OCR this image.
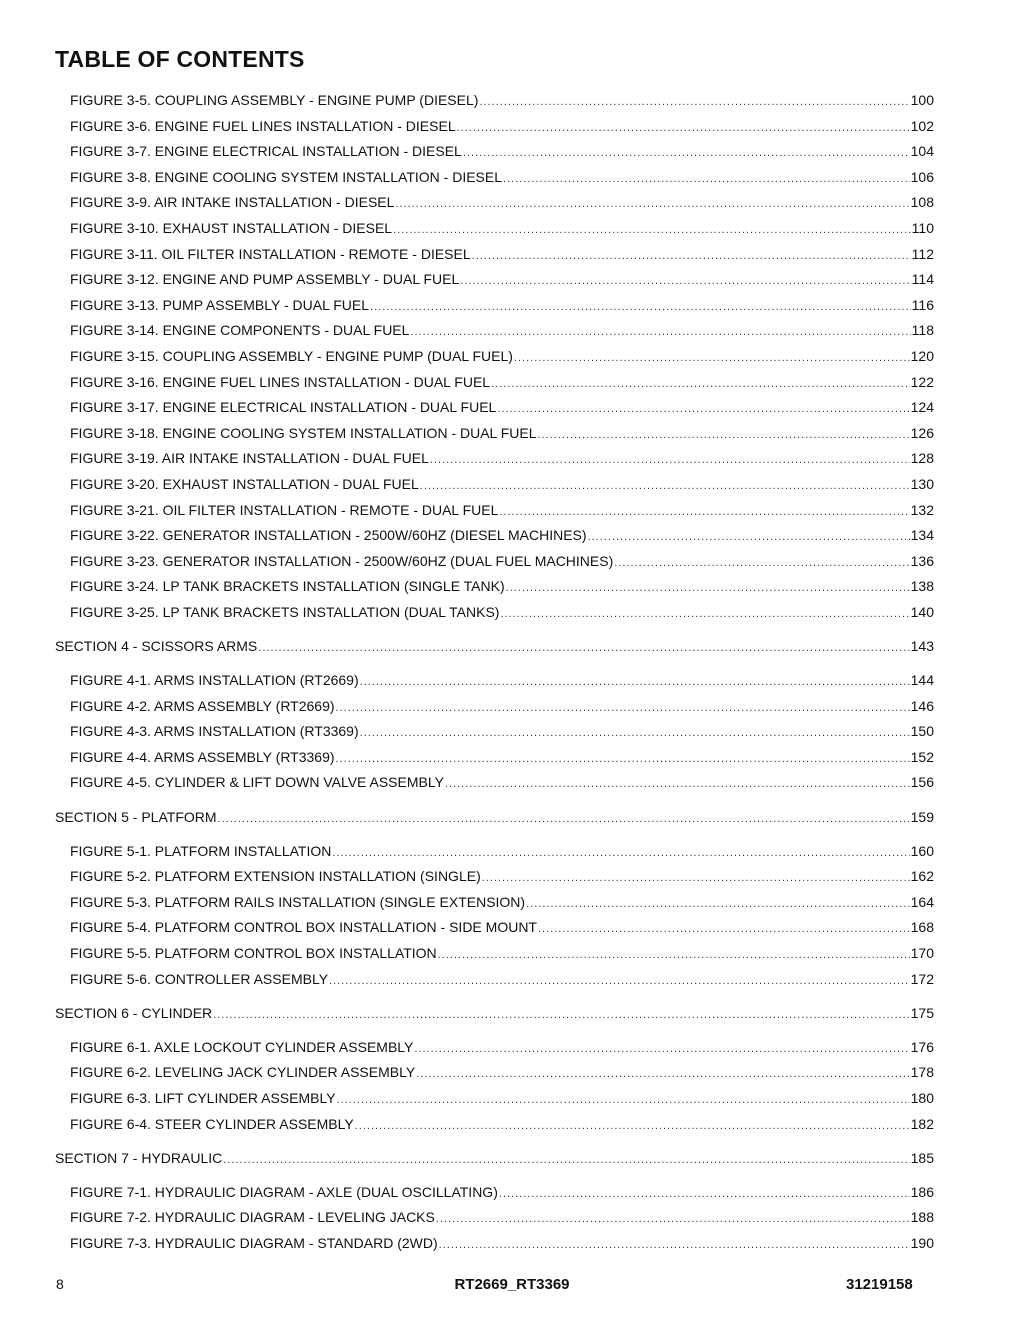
TABLE OF CONTENTS
FIGURE 3-5. COUPLING ASSEMBLY - ENGINE PUMP (DIESEL) .....	100
FIGURE 3-6. ENGINE FUEL LINES INSTALLATION - DIESEL .....	102
FIGURE 3-7. ENGINE ELECTRICAL INSTALLATION - DIESEL .....	104
FIGURE 3-8. ENGINE COOLING SYSTEM INSTALLATION - DIESEL .....	106
FIGURE 3-9. AIR INTAKE INSTALLATION - DIESEL .....	108
FIGURE 3-10. EXHAUST INSTALLATION - DIESEL .....	110
FIGURE 3-11. OIL FILTER INSTALLATION - REMOTE - DIESEL .....	112
FIGURE 3-12. ENGINE AND PUMP ASSEMBLY - DUAL FUEL .....	114
FIGURE 3-13. PUMP ASSEMBLY - DUAL FUEL .....	116
FIGURE 3-14. ENGINE COMPONENTS - DUAL FUEL .....	118
FIGURE 3-15. COUPLING ASSEMBLY - ENGINE PUMP (DUAL FUEL) .....	120
FIGURE 3-16. ENGINE FUEL LINES INSTALLATION - DUAL FUEL .....	122
FIGURE 3-17. ENGINE ELECTRICAL INSTALLATION - DUAL FUEL .....	124
FIGURE 3-18. ENGINE COOLING SYSTEM INSTALLATION - DUAL FUEL .....	126
FIGURE 3-19. AIR INTAKE INSTALLATION - DUAL FUEL .....	128
FIGURE 3-20. EXHAUST INSTALLATION - DUAL FUEL .....	130
FIGURE 3-21. OIL FILTER INSTALLATION - REMOTE - DUAL FUEL .....	132
FIGURE 3-22. GENERATOR INSTALLATION - 2500W/60HZ (DIESEL MACHINES) .....	134
FIGURE 3-23. GENERATOR INSTALLATION - 2500W/60HZ (DUAL FUEL MACHINES) .....	136
FIGURE 3-24. LP TANK BRACKETS INSTALLATION (SINGLE TANK) .....	138
FIGURE 3-25. LP TANK BRACKETS INSTALLATION (DUAL TANKS) .....	140
SECTION 4 - SCISSORS ARMS .....	143
FIGURE 4-1. ARMS INSTALLATION (RT2669) .....	144
FIGURE 4-2. ARMS ASSEMBLY (RT2669) .....	146
FIGURE 4-3. ARMS INSTALLATION (RT3369) .....	150
FIGURE 4-4. ARMS ASSEMBLY (RT3369) .....	152
FIGURE 4-5. CYLINDER & LIFT DOWN VALVE ASSEMBLY .....	156
SECTION 5 - PLATFORM .....	159
FIGURE 5-1. PLATFORM INSTALLATION .....	160
FIGURE 5-2. PLATFORM EXTENSION INSTALLATION (SINGLE) .....	162
FIGURE 5-3. PLATFORM RAILS INSTALLATION (SINGLE EXTENSION) .....	164
FIGURE 5-4. PLATFORM CONTROL BOX INSTALLATION - SIDE MOUNT .....	168
FIGURE 5-5. PLATFORM CONTROL BOX INSTALLATION .....	170
FIGURE 5-6. CONTROLLER ASSEMBLY .....	172
SECTION 6 - CYLINDER .....	175
FIGURE 6-1. AXLE LOCKOUT CYLINDER ASSEMBLY .....	176
FIGURE 6-2. LEVELING JACK CYLINDER ASSEMBLY .....	178
FIGURE 6-3. LIFT CYLINDER ASSEMBLY .....	180
FIGURE 6-4. STEER CYLINDER ASSEMBLY .....	182
SECTION 7 - HYDRAULIC .....	185
FIGURE 7-1. HYDRAULIC DIAGRAM - AXLE (DUAL OSCILLATING) .....	186
FIGURE 7-2. HYDRAULIC DIAGRAM - LEVELING JACKS .....	188
FIGURE 7-3. HYDRAULIC DIAGRAM - STANDARD (2WD) .....	190
8	RT2669_RT3369	31219158
